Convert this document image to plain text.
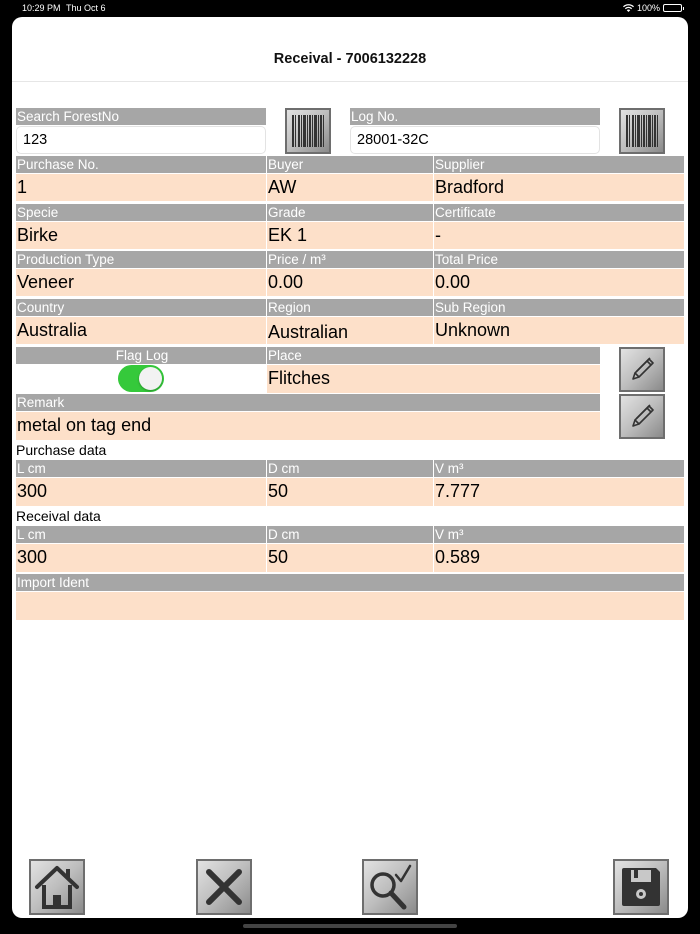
10:29 PM Thu Oct 6	100%
Receival - 7006132228
Search ForestNo
123
Log No.
28001-32C
Purchase No.	Buyer	Supplier
1	AW	Bradford
Specie	Grade	Certificate
Birke	EK 1	-
Production Type	Price / m³	Total Price
Veneer	0.00	0.00
Country	Region	Sub Region
Australia	Australian	Unknown
Flag Log	Place
Flitches
Remark
metal on tag end
Purchase data
L cm	D cm	V m³
300	50	7.777
Receival data
L cm	D cm	V m³
300	50	0.589
Import Ident
